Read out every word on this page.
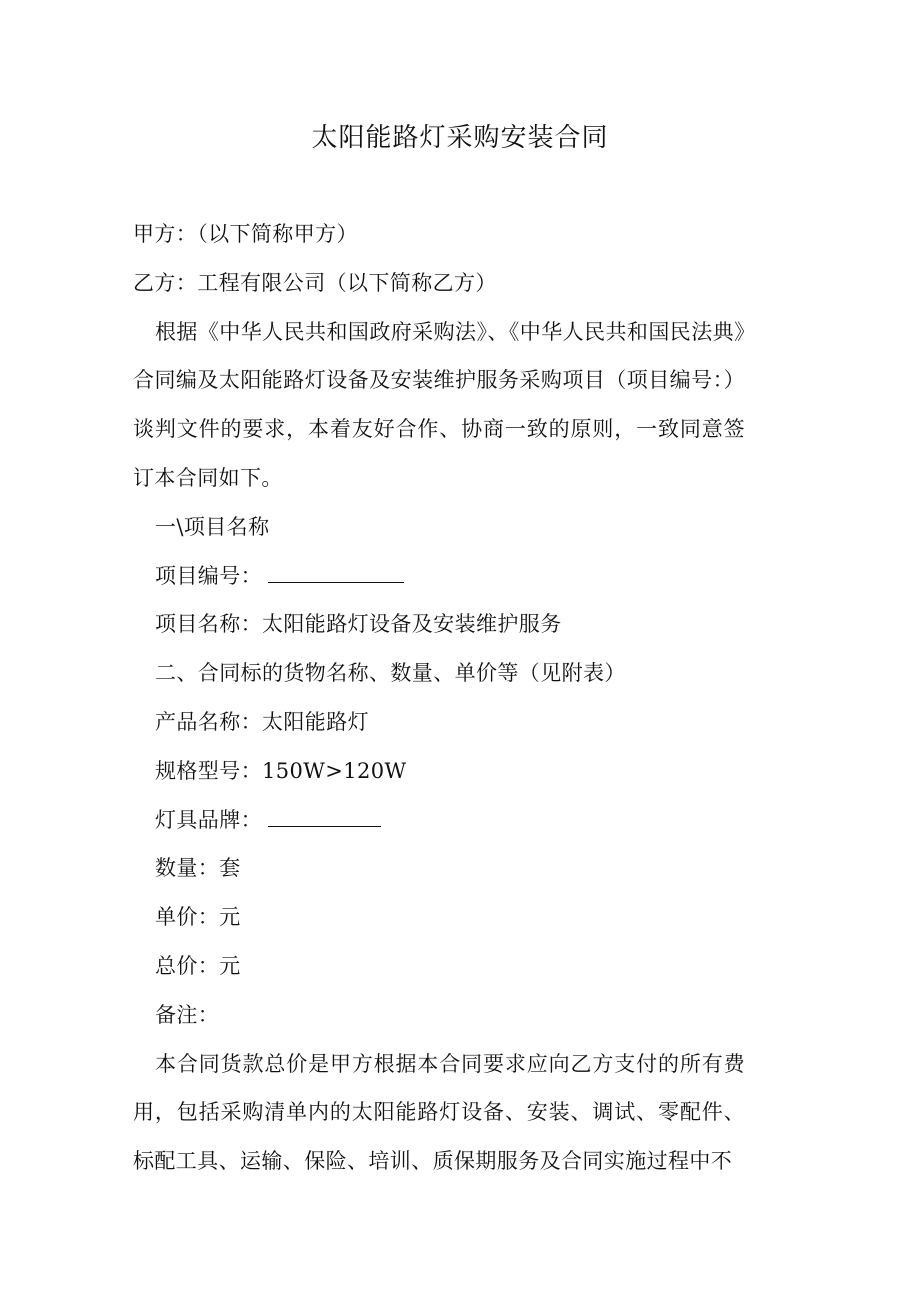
太阳能路灯采购安装合同

甲方：（以下简称甲方）

乙方：工程有限公司（以下简称乙方）

根据《中华人民共和国政府采购法》、《中华人民共和国民法典》合同编及太阳能路灯设备及安装维护服务采购项目（项目编号：）谈判文件的要求，本着友好合作、协商一致的原则，一致同意签订本合同如下。

一\项目名称

项目编号：

项目名称：太阳能路灯设备及安装维护服务

二、合同标的货物名称、数量、单价等（见附表）

产品名称：太阳能路灯

规格型号：150W>120W

灯具品牌：

数量：套

单价：元

总价：元

备注：

本合同货款总价是甲方根据本合同要求应向乙方支付的所有费用，包括采购清单内的太阳能路灯设备、安装、调试、零配件、标配工具、运输、保险、培训、质保期服务及合同实施过程中不
